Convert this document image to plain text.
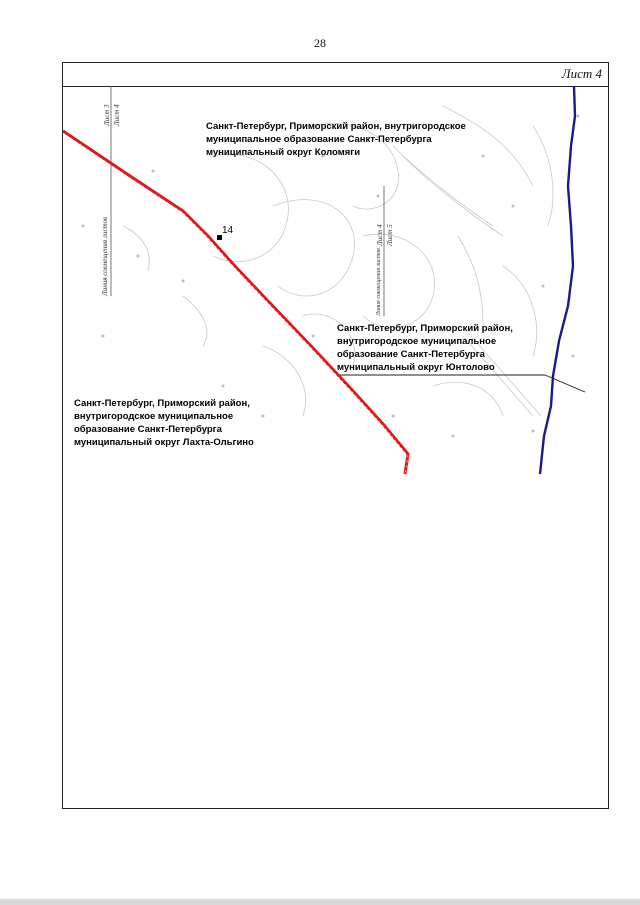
28
Лист 4
14
Лист 3 Лист 4
Линия совмещения листов	Лист 4 Лист 5
Линия совмещения листов
Санкт-Петербург, Приморский район, внутригородское
муниципальное образование Санкт-Петербурга
муниципальный округ Коломяги
Санкт-Петербург, Приморский район,
внутригородское муниципальное
образование Санкт-Петербурга
муниципальный округ Юнтолово
Санкт-Петербург, Приморский район,
внутригородское муниципальное
образование Санкт-Петербурга
муниципальный округ Лахта-Ольгино
